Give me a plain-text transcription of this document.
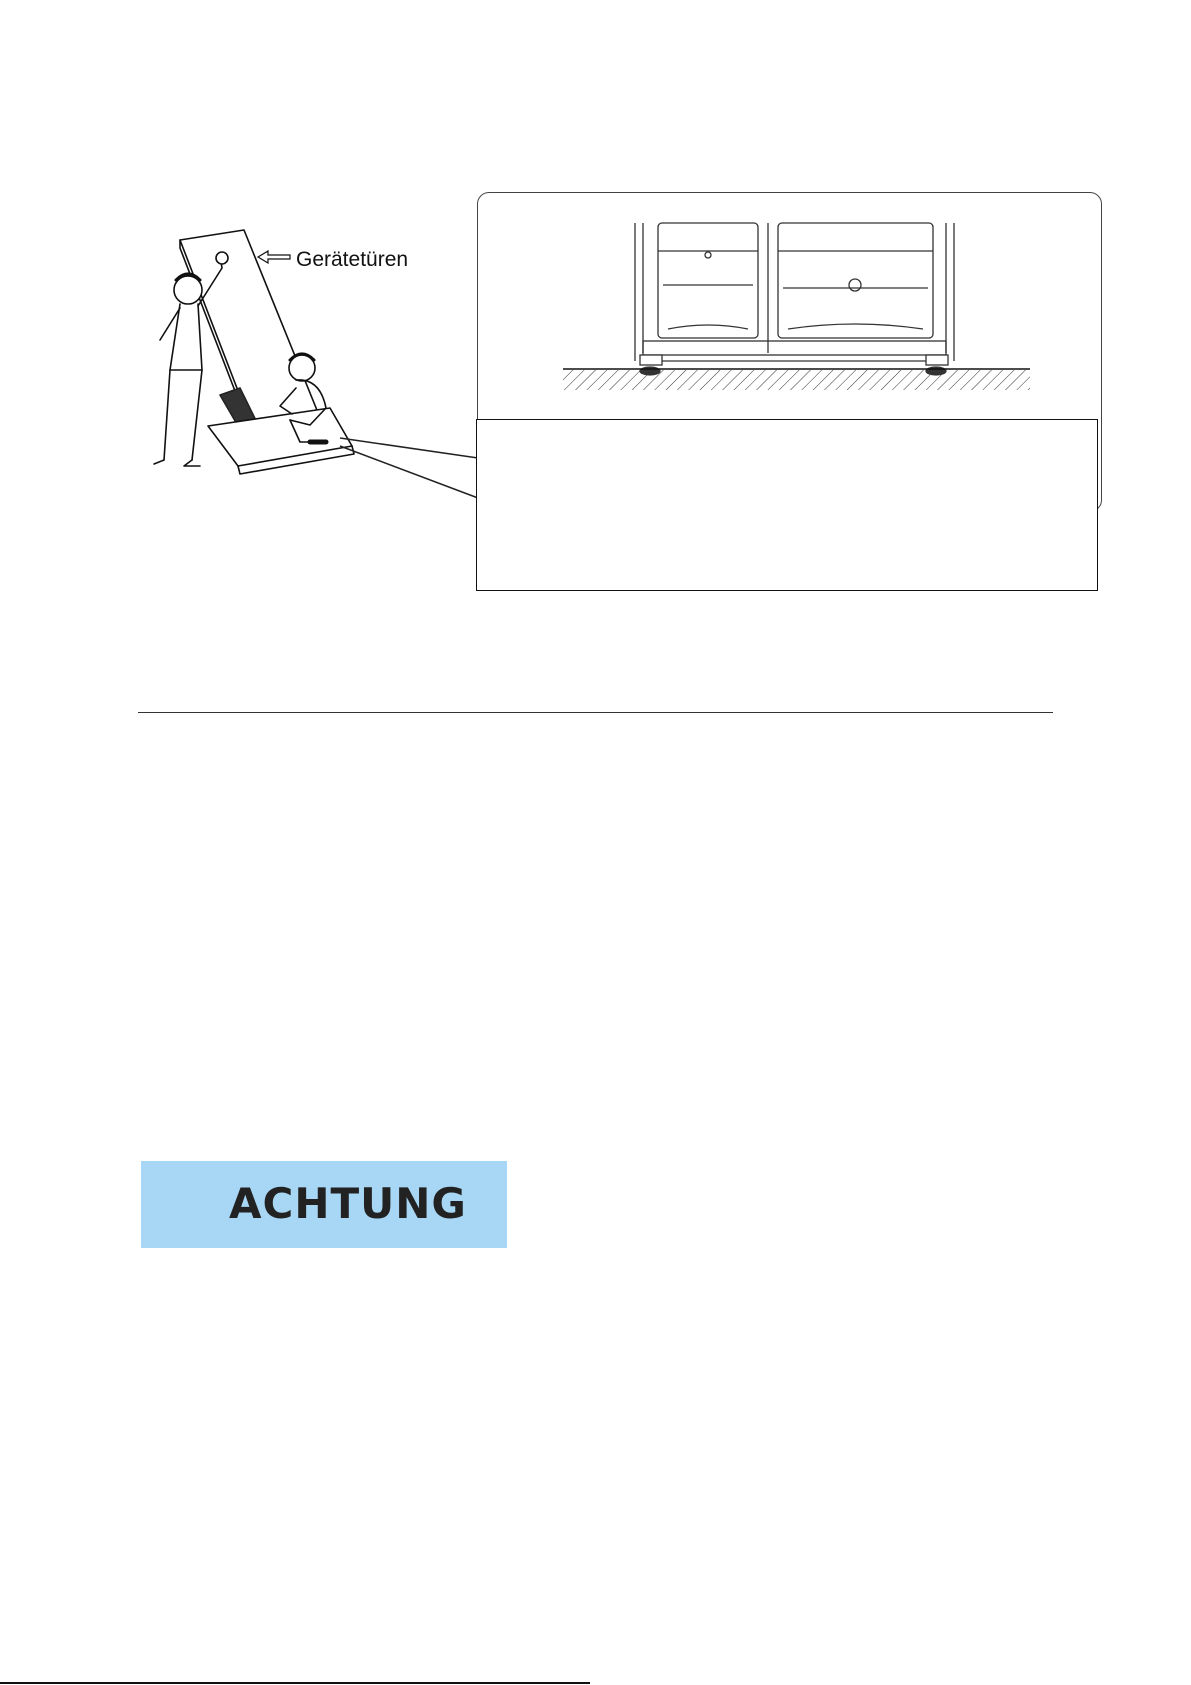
Gerätetüren
ACHTUNG
